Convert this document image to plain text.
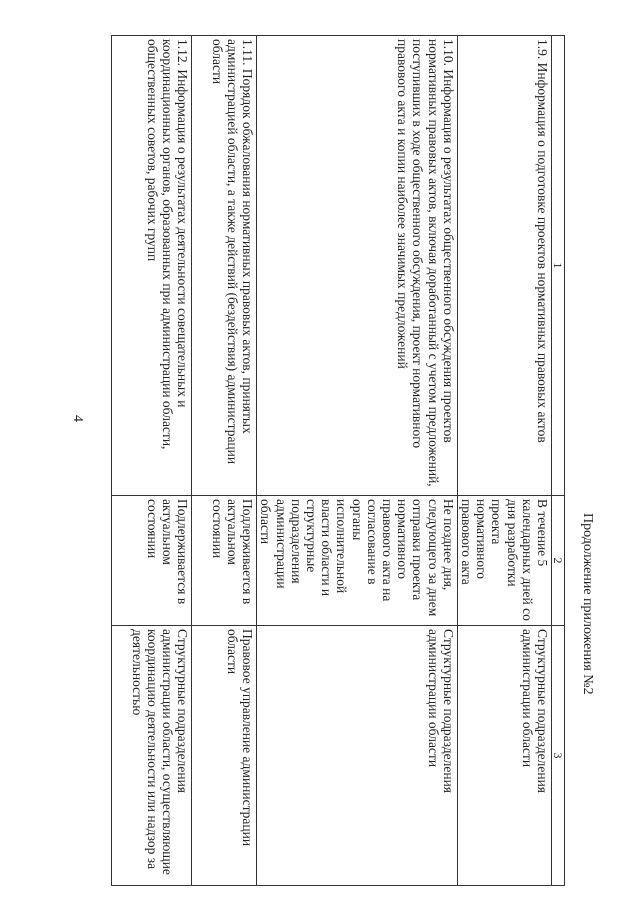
Продолжение приложения №2
4
1	2	3
1.9. Информация о подготовке проектов нормативных правовых актов	В течение 5 календарных дней со дня разработки проекта нормативного правового акта	Структурные подразделения администрации области
1.10. Информация о результатах общественного обсуждения проектов нормативных правовых актов, включая доработанный с учетом предложений, поступивших в ходе общественного обсуждения, проект нормативного правового акта и копии наиболее значимых предложений	Не позднее дня, следующего за днем отправки проекта нормативного правового акта на согласование в органы исполнительной власти области и структурные подразделения администрации области	Структурные подразделения администрации области
1.11. Порядок обжалования нормативных правовых актов, принятых администрацией области, а также действий (бездействия) администрации области	Подлерживается в актуальном состоянии	Правовое управление администрации области
1.12. Информация о результатах деятельности совещательных и координационных органов, образованных при администрации области, общественных советов, рабочих групп	Подлерживается в актуальном состоянии	Структурные подразделения администрации области, осуществляющие координацию деятельности или надзор за деятельностью
